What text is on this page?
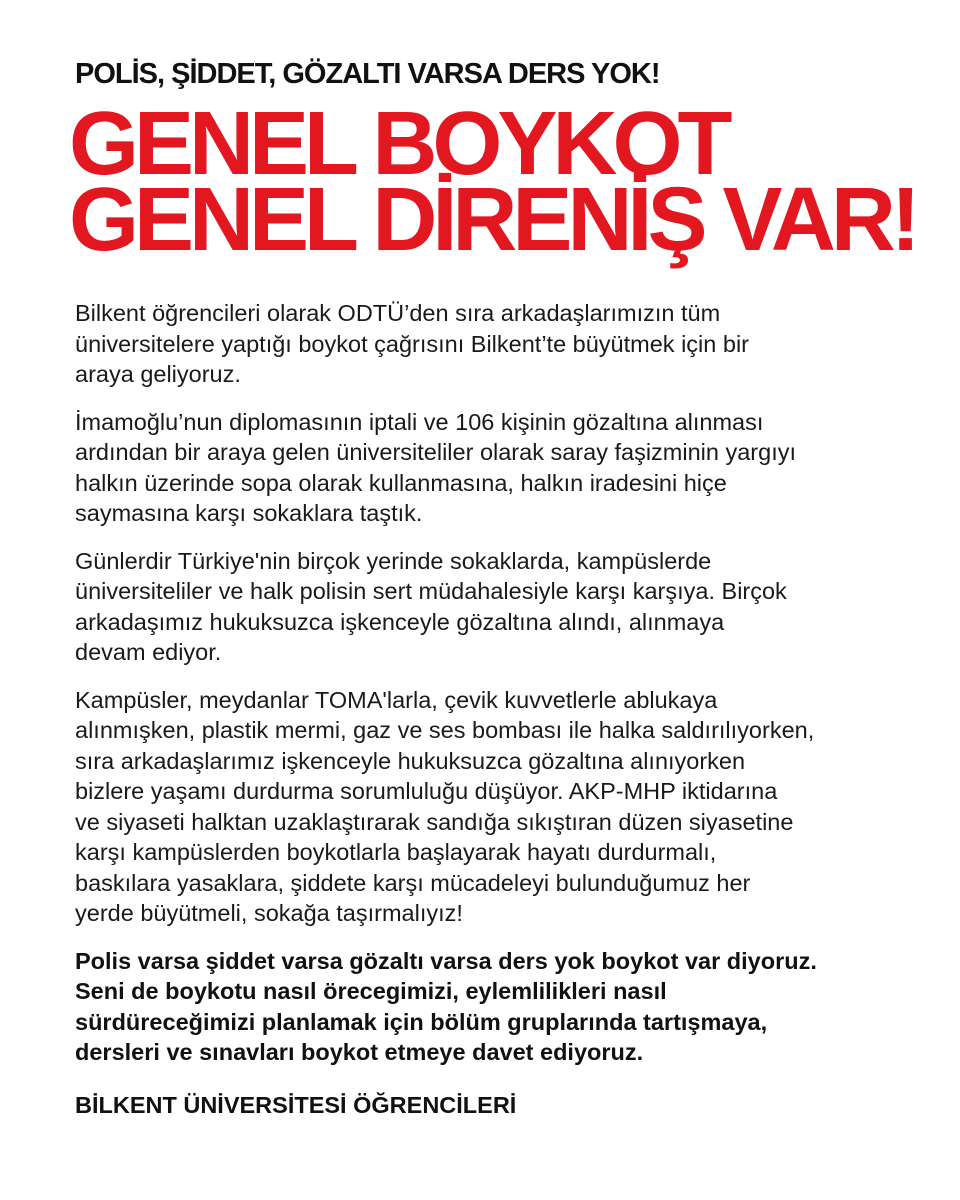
POLİS, ŞİDDET, GÖZALTI VARSA DERS YOK!
GENEL BOYKOT
GENEL DİRENİŞ VAR!

Bilkent öğrencileri olarak ODTÜ’den sıra arkadaşlarımızın tüm
üniversitelere yaptığı boykot çağrısını Bilkent’te büyütmek için bir
araya geliyoruz.

İmamoğlu’nun diplomasının iptali ve 106 kişinin gözaltına alınması
ardından bir araya gelen üniversiteliler olarak saray faşizminin yargıyı
halkın üzerinde sopa olarak kullanmasına, halkın iradesini hiçe
saymasına karşı sokaklara taştık.

Günlerdir Türkiye'nin birçok yerinde sokaklarda, kampüslerde
üniversiteliler ve halk polisin sert müdahalesiyle karşı karşıya. Birçok
arkadaşımız hukuksuzca işkenceyle gözaltına alındı, alınmaya
devam ediyor.

Kampüsler, meydanlar TOMA'larla, çevik kuvvetlerle ablukaya
alınmışken, plastik mermi, gaz ve ses bombası ile halka saldırılıyorken,
sıra arkadaşlarımız işkenceyle hukuksuzca gözaltına alınıyorken
bizlere yaşamı durdurma sorumluluğu düşüyor. AKP-MHP iktidarına
ve siyaseti halktan uzaklaştırarak sandığa sıkıştıran düzen siyasetine
karşı kampüslerden boykotlarla başlayarak hayatı durdurmalı,
baskılara yasaklara, şiddete karşı mücadeleyi bulunduğumuz her
yerde büyütmeli, sokağa taşırmalıyız!

Polis varsa şiddet varsa gözaltı varsa ders yok boykot var diyoruz.
Seni de boykotu nasıl örecegimizi, eylemlilikleri nasıl
sürdüreceğimizi planlamak için bölüm gruplarında tartışmaya,
dersleri ve sınavları boykot etmeye davet ediyoruz.

BİLKENT ÜNİVERSİTESİ ÖĞRENCİLERİ
